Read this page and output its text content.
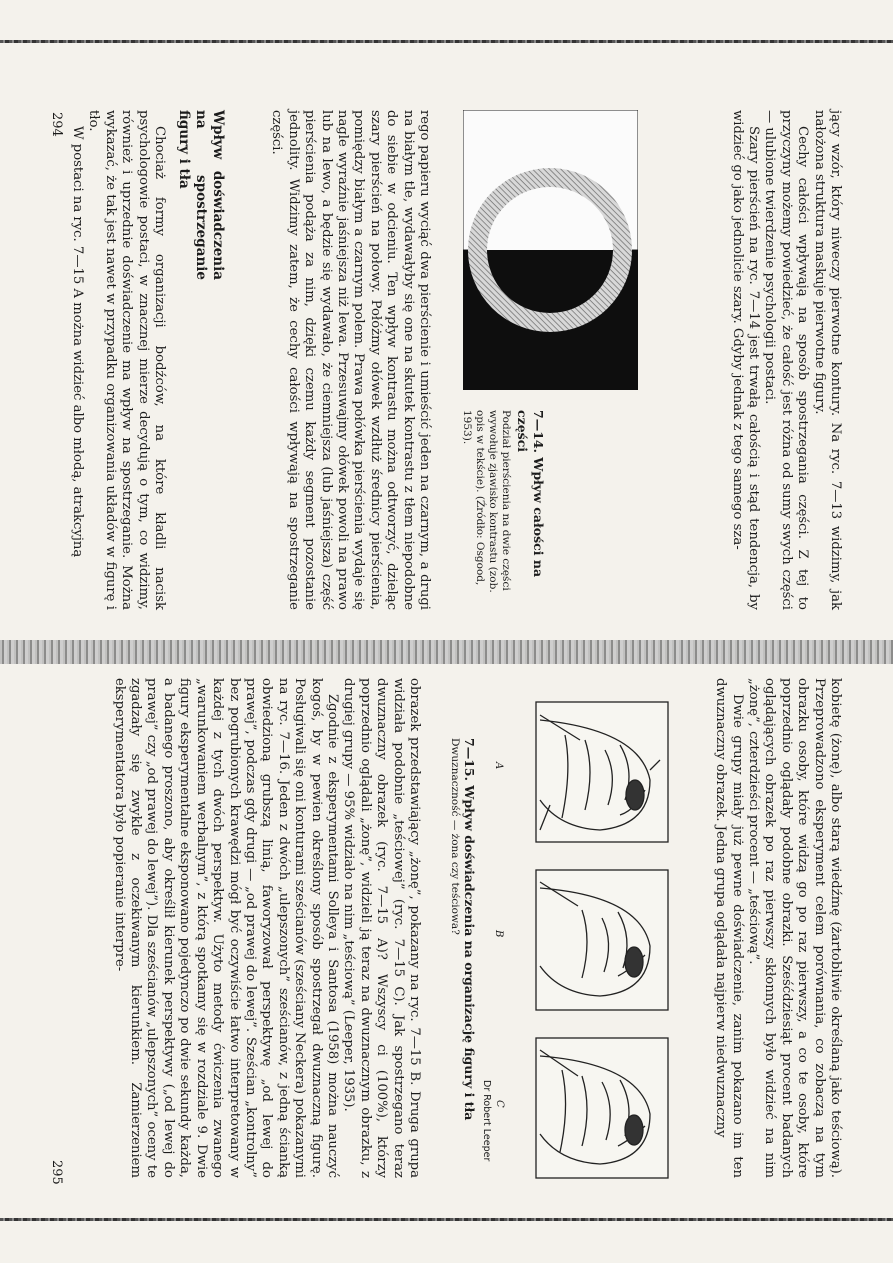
294	jący wzór, który niweczy pierwotne kontury. Na ryc. 7—13 widzimy, jak nałożona struktura maskuje pierwotne figury.

Cechy całości wpływają na sposób spostrzegania części. Z tej to przyczyny możemy powiedzieć, że całość jest różna od sumy swych części — ulubione twierdzenie psychologii postaci.

Szary pierścień na ryc. 7—14 jest trwałą całością i stąd tendencja, by widzieć go jako jednolicie szary. Gdyby jednak z tego samego sza-

7—14. Wpływ całości na części
Podział pierścienia na dwie części wywołuje zjawisko kontrastu (zob. opis w tekście). (Źródło: Osgood, 1953).

rego papieru wyciąć dwa pierścienie i umieścić jeden na czarnym, a drugi na białym tle, wydawałyby się one na skutek kontrastu z tłem niepodobne do siebie w odcieniu. Ten wpływ kontrastu można odtworzyć, dzieląc szary pierścień na połowy. Połóżmy ołówek wzdłuż średnicy pierścienia, pomiędzy białym a czarnym polem. Prawa połówka pierścienia wydaje się nagle wyraźnie jaśniejsza niż lewa. Przesuwajmy ołówek powoli na prawo lub na lewo, a będzie się wydawało, że ciemniejsza (lub jaśniejsza) część pierścienia podąża za nim, dzięki czemu każdy segment pozostanie jednolity. Widzimy zatem, że cechy całości wpływają na spostrzeganie części.

Wpływ doświadczenia na spostrzeganie figury i tła

Chociaż formy organizacji bodźców, na które kładli nacisk psychologowie postaci, w znacznej mierze decydują o tym, co widzimy, również i uprzednie doświadczenie ma wpływ na spostrzeganie. Można wykazać, że tak jest nawet w przypadku organizowania układów w figurę i tło.

W postaci na ryc. 7—15 A można widzieć albo młodą, atrakcyjną

kobietę (żonę), albo starą wiedźmę (żartobliwie określaną jako teściową). Przeprowadzono eksperyment celem porównania, co zobaczą na tym obrazku osoby, które widzą go po raz pierwszy, a co te osoby, które poprzednio oglądały podobne obrazki. Sześćdziesiąt procent badanych oglądających obrazek po raz pierwszy skłonnych było widzieć na nim „żonę”, czterdzieści procent — „teściową”.

Dwie grupy miały już pewne doświadczenie, zanim pokazano im ten dwuznaczny obrazek. Jedna grupa oglądała najpierw niedwuznaczny

A
B
C
Dr Robert Leeper
7—15. Wpływ doświadczenia na organizację figury i tła
Dwuznaczność — żona czy teściowa?

obrazek przedstawiający „żonę”, pokazany na ryc. 7—15 B. Druga grupa widziała podobnie „teściowej” (ryc. 7—15 C). Jak spostrzegano teraz dwuznaczny obrazek (ryc. 7—15 A)? Wszyscy ci (100%), którzy poprzednio oglądali „żonę”, widzieli ją teraz na dwuznacznym obrazku, z drugiej grupy — 95% widziało na nim „teściową” (Leeper, 1935).

Zgodnie z eksperymentami Solleya i Santosa (1958) można nauczyć kogoś, by w pewien określony sposób spostrzegał dwuznaczną figurę. Posługiwali się oni konturami sześcianów (sześciany Neckera) pokazanymi na ryc. 7—16. Jeden z dwóch „ulepszonych” sześcianów, z jedną ścianką obwiedzioną grubszą linią, faworyzował perspektywę „od lewej do prawej”, podczas gdy drugi — „od prawej do lewej”. Sześcian „kontrolny” bez pogrubionych krawędzi mógł być oczywiście łatwo interpretowany w każdej z tych dwóch perspektyw. Użyto metody ćwiczenia zwanego „warunkowaniem werbalnym”, z którą spotkamy się w rozdziale 9. Dwie figury eksperymentalne eksponowano pojedynczo po dwie sekundy każda, a badanego proszono, aby określił kierunek perspektywy („od lewej do prawej” czy „od prawej do lewej”). Dla sześcianów „ulepszonych” oceny te zgadzały się zwykle z oczekiwanym kierunkiem. Zamierzeniem eksperymentatora było popieranie interpre-

295
